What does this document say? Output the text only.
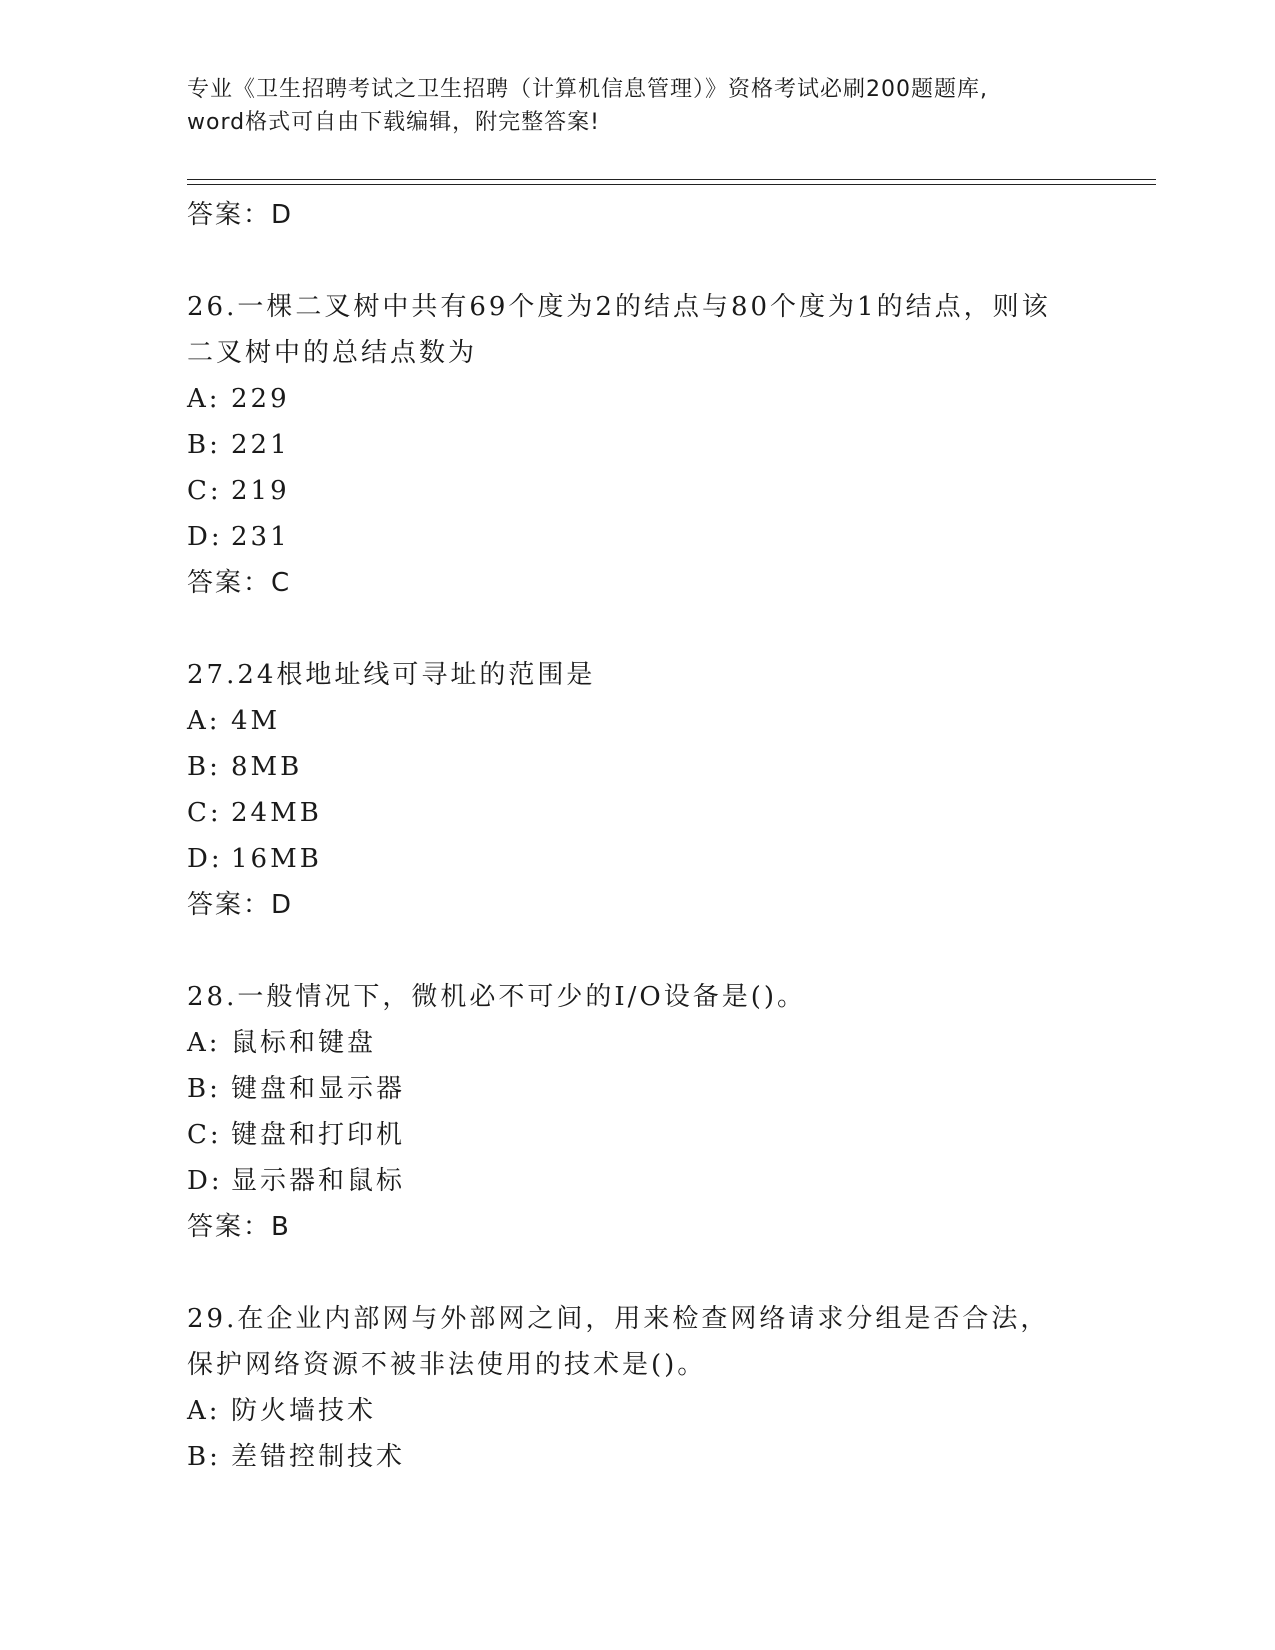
专业《卫生招聘考试之卫生招聘（计算机信息管理）》资格考试必刷200题题库,
word格式可自由下载编辑，附完整答案!
答案：D
26.一棵二叉树中共有69个度为2的结点与80个度为1的结点，则该二叉树中的总结点数为
A: 229
B: 221
C: 219
D: 231
答案：C
27.24根地址线可寻址的范围是
A: 4M
B: 8MB
C: 24MB
D: 16MB
答案：D
28.一般情况下，微机必不可少的I/O设备是()。
A: 鼠标和键盘
B: 键盘和显示器
C: 键盘和打印机
D: 显示器和鼠标
答案：B
29.在企业内部网与外部网之间，用来检查网络请求分组是否合法，保护网络资源不被非法使用的技术是()。
A: 防火墙技术
B: 差错控制技术
